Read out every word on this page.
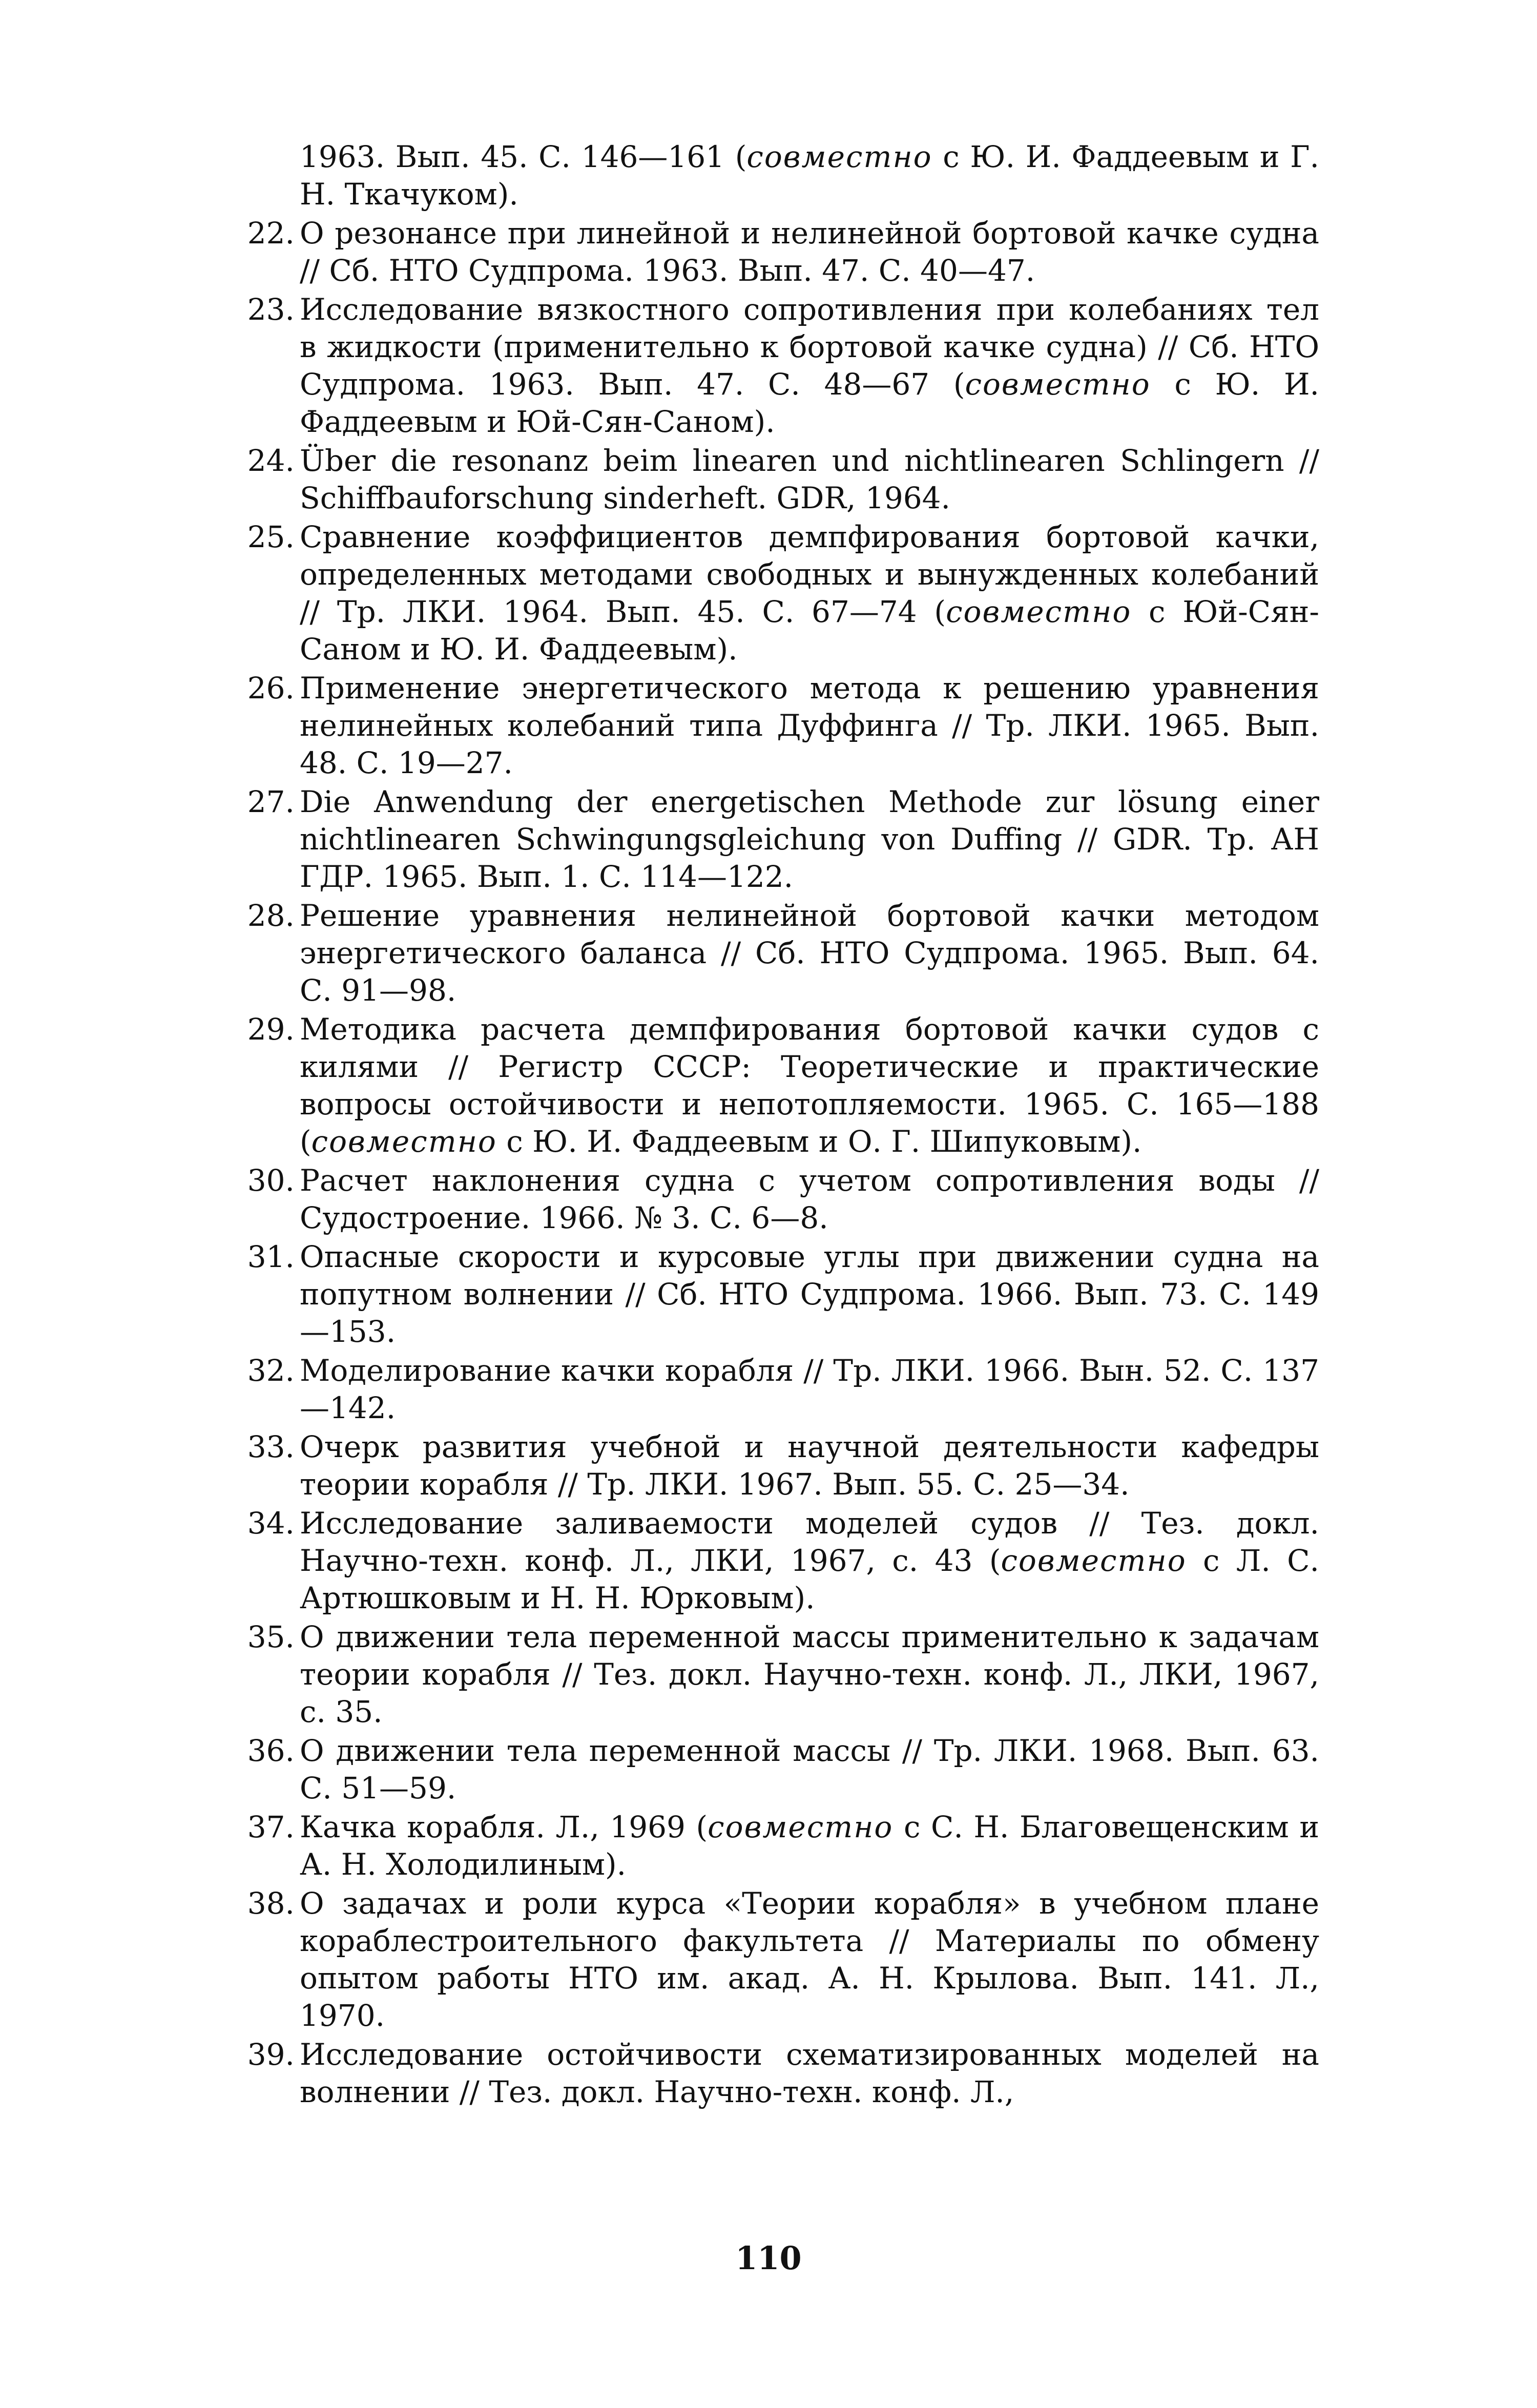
1963. Вып. 45. С. 146—161 (совместно с Ю. И. Фаддеевым и Г. Н. Ткачуком).
22. О резонансе при линейной и нелинейной бортовой качке судна // Сб. НТО Судпрома. 1963. Вып. 47. С. 40—47.
23. Исследование вязкостного сопротивления при колебаниях тел в жидкости (применительно к бортовой качке судна) // Сб. НТО Судпрома. 1963. Вып. 47. С. 48—67 (совместно с Ю. И. Фаддеевым и Юй-Сян-Саном).
24. Über die resonanz beim linearen und nichtlinearen Schlingern // Schiffbauforschung sinderheft. GDR, 1964.
25. Сравнение коэффициентов демпфирования бортовой качки, определенных методами свободных и вынужденных колебаний // Тр. ЛКИ. 1964. Вып. 45. С. 67—74 (совместно с Юй-Сян-Саном и Ю. И. Фаддеевым).
26. Применение энергетического метода к решению уравнения нелинейных колебаний типа Дуффинга // Тр. ЛКИ. 1965. Вып. 48. С. 19—27.
27. Die Anwendung der energetischen Methode zur lösung einer nichtlinearen Schwingungsgleichung von Duffing // GDR. Тр. АН ГДР. 1965. Вып. 1. С. 114—122.
28. Решение уравнения нелинейной бортовой качки методом энергетического баланса // Сб. НТО Судпрома. 1965. Вып. 64. С. 91—98.
29. Методика расчета демпфирования бортовой качки судов с килями // Регистр СССР: Теоретические и практические вопросы остойчивости и непотопляемости. 1965. С. 165—188 (совместно с Ю. И. Фаддеевым и О. Г. Шипуковым).
30. Расчет наклонения судна с учетом сопротивления воды // Судостроение. 1966. № 3. С. 6—8.
31. Опасные скорости и курсовые углы при движении судна на попутном волнении // Сб. НТО Судпрома. 1966. Вып. 73. С. 149—153.
32. Моделирование качки корабля // Тр. ЛКИ. 1966. Вын. 52. С. 137—142.
33. Очерк развития учебной и научной деятельности кафедры теории корабля // Тр. ЛКИ. 1967. Вып. 55. С. 25—34.
34. Исследование заливаемости моделей судов // Тез. докл. Научно-техн. конф. Л., ЛКИ, 1967, с. 43 (совместно с Л. С. Артюшковым и Н. Н. Юрковым).
35. О движении тела переменной массы применительно к задачам теории корабля // Тез. докл. Научно-техн. конф. Л., ЛКИ, 1967, с. 35.
36. О движении тела переменной массы // Тр. ЛКИ. 1968. Вып. 63. С. 51—59.
37. Качка корабля. Л., 1969 (совместно с С. Н. Благовещенским и А. Н. Холодилиным).
38. О задачах и роли курса «Теории корабля» в учебном плане кораблестроительного факультета // Материалы по обмену опытом работы НТО им. акад. А. Н. Крылова. Вып. 141. Л., 1970.
39. Исследование остойчивости схематизированных моделей на волнении // Тез. докл. Научно-техн. конф. Л.,
110
